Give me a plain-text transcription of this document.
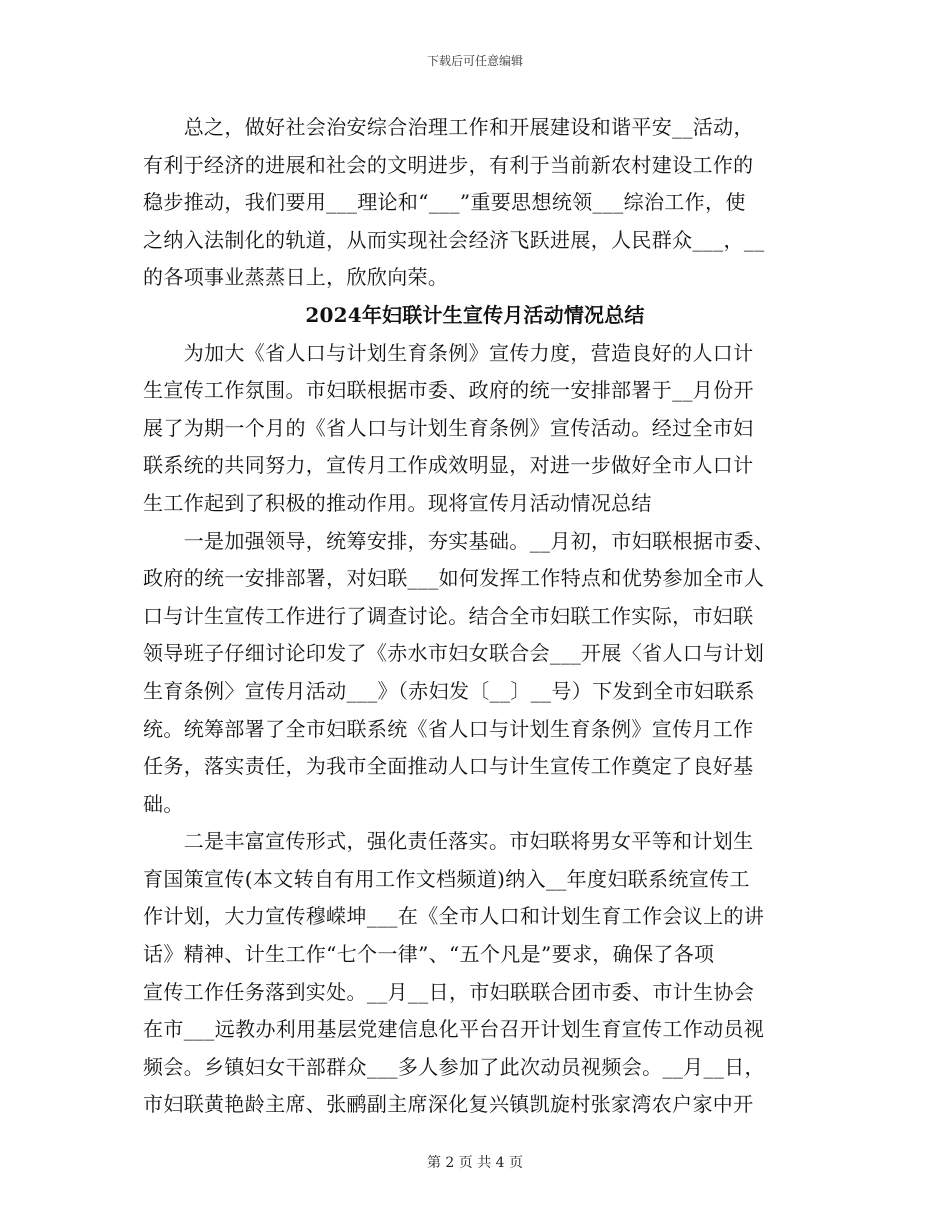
下载后可任意编辑
　　总之，做好社会治安综合治理工作和开展建设和谐平安__活动，
有利于经济的进展和社会的文明进步，有利于当前新农村建设工作的
稳步推动，我们要用___理论和“___”重要思想统领___综治工作，使
之纳入法制化的轨道，从而实现社会经济飞跃进展，人民群众___，__
的各项事业蒸蒸日上，欣欣向荣。
2024年妇联计生宣传月活动情况总结
　　为加大《省人口与计划生育条例》宣传力度，营造良好的人口计
生宣传工作氛围。市妇联根据市委、政府的统一安排部署于__月份开
展了为期一个月的《省人口与计划生育条例》宣传活动。经过全市妇
联系统的共同努力，宣传月工作成效明显，对进一步做好全市人口计
生工作起到了积极的推动作用。现将宣传月活动情况总结
　　一是加强领导，统筹安排，夯实基础。__月初，市妇联根据市委、
政府的统一安排部署，对妇联___如何发挥工作特点和优势参加全市人
口与计生宣传工作进行了调查讨论。结合全市妇联工作实际，市妇联
领导班子仔细讨论印发了《赤水市妇女联合会___开展〈省人口与计划
生育条例〉宣传月活动___》（赤妇发〔__〕__号）下发到全市妇联系
统。统筹部署了全市妇联系统《省人口与计划生育条例》宣传月工作
任务，落实责任，为我市全面推动人口与计生宣传工作奠定了良好基
础。
　　二是丰富宣传形式，强化责任落实。市妇联将男女平等和计划生
育国策宣传(本文转自有用工作文档频道)纳入__年度妇联系统宣传工
作计划，大力宣传穆嵘坤___在《全市人口和计划生育工作会议上的讲
话》精神、计生工作“七个一律”、“五个凡是”要求，确保了各项
宣传工作任务落到实处。__月__日，市妇联联合团市委、市计生协会
在市___远教办利用基层党建信息化平台召开计划生育宣传工作动员视
频会。乡镇妇女干部群众___多人参加了此次动员视频会。__月__日，
市妇联黄艳龄主席、张鹂副主席深化复兴镇凯旋村张家湾农户家中开
第 2 页 共 4 页
